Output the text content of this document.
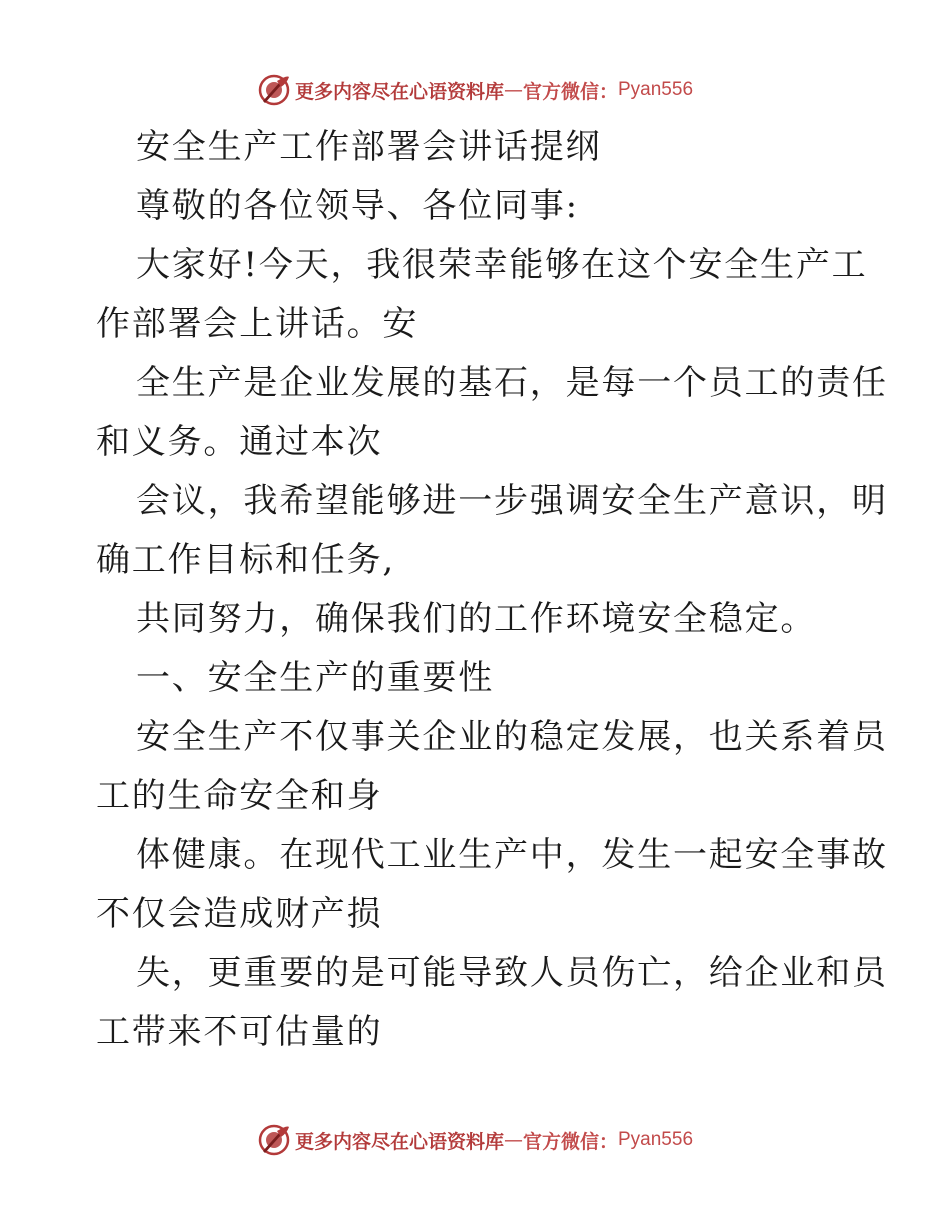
更多内容尽在心语资料库 — 官方微信： Pyan556
安全生产工作部署会讲话提纲
尊敬的各位领导、各位同事:
大家好!今天，我很荣幸能够在这个安全生产工
作部署会上讲话。安
全生产是企业发展的基石，是每一个员工的责任
和义务。通过本次
会议，我希望能够进一步强调安全生产意识，明
确工作目标和任务,
共同努力，确保我们的工作环境安全稳定。
一、安全生产的重要性
安全生产不仅事关企业的稳定发展，也关系着员
工的生命安全和身
体健康。在现代工业生产中，发生一起安全事故
不仅会造成财产损
失，更重要的是可能导致人员伤亡，给企业和员
工带来不可估量的
更多内容尽在心语资料库 — 官方微信： Pyan556
